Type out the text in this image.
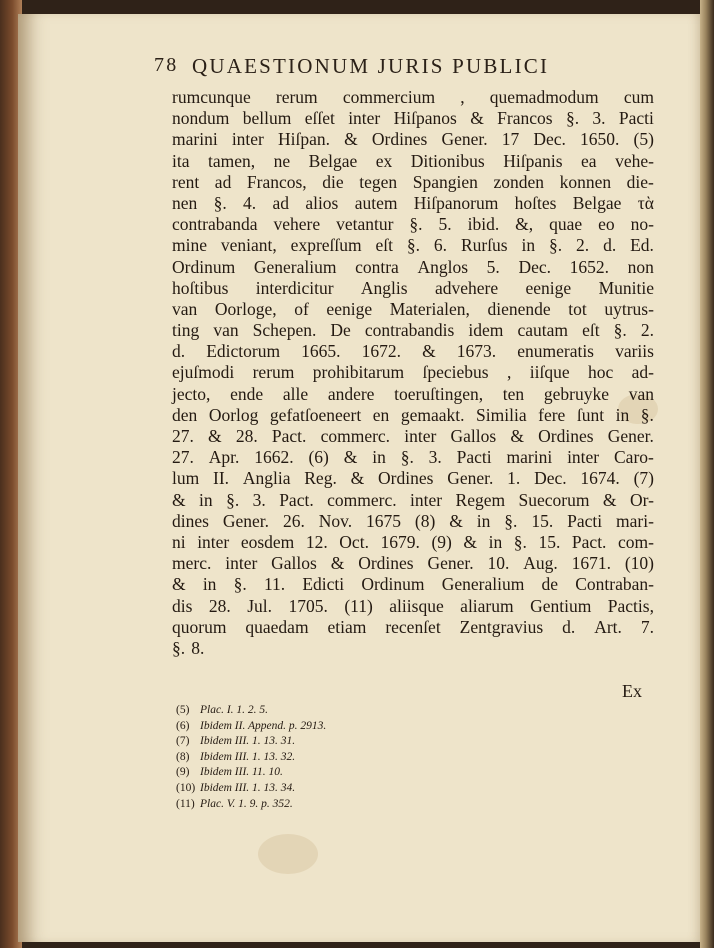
78 QUAESTIONUM JURIS PUBLICI
rumcunque rerum commercium , quemadmodum cum
nondum bellum eſſet inter Hiſpanos & Francos §. 3. Pacti
marini inter Hiſpan. & Ordines Gener. 17 Dec. 1650. (5)
ita tamen, ne Belgae ex Ditionibus Hiſpanis ea vehe-
rent ad Francos, die tegen Spangien zonden konnen die-
nen §. 4. ad alios autem Hiſpanorum hoſtes Belgae τὰ
contrabanda vehere vetantur §. 5. ibid. &, quae eo no-
mine veniant, expreſſum eſt §. 6. Rurſus in §. 2. d. Ed.
Ordinum Generalium contra Anglos 5. Dec. 1652. non
hoſtibus interdicitur Anglis advehere eenige Munitie
van Oorloge, of eenige Materialen, dienende tot uytrus-
ting van Schepen. De contrabandis idem cautam eſt §. 2.
d. Edictorum 1665. 1672. & 1673. enumeratis variis
ejuſmodi rerum prohibitarum ſpeciebus , iiſque hoc ad-
jecto, ende alle andere toeruſtingen, ten gebruyke van
den Oorlog gefatſoeneert en gemaakt. Similia fere ſunt in §.
27. & 28. Pact. commerc. inter Gallos & Ordines Gener.
27. Apr. 1662. (6) & in §. 3. Pacti marini inter Caro-
lum II. Anglia Reg. & Ordines Gener. 1. Dec. 1674. (7)
& in §. 3. Pact. commerc. inter Regem Suecorum & Or-
dines Gener. 26. Nov. 1675 (8) & in §. 15. Pacti mari-
ni inter eosdem 12. Oct. 1679. (9) & in §. 15. Pact. com-
merc. inter Gallos & Ordines Gener. 10. Aug. 1671. (10)
& in §. 11. Edicti Ordinum Generalium de Contraban-
dis 28. Jul. 1705. (11) aliisque aliarum Gentium Pactis,
quorum quaedam etiam recenſet Zentgravius d. Art. 7.
§. 8.
Ex
(5) Plac. I. 1. 2. 5.
(6) Ibidem II. Append. p. 2913.
(7) Ibidem III. 1. 13. 31.
(8) Ibidem III. 1. 13. 32.
(9) Ibidem III. 11. 10.
(10) Ibidem III. 1. 13. 34.
(11) Plac. V. 1. 9. p. 352.
